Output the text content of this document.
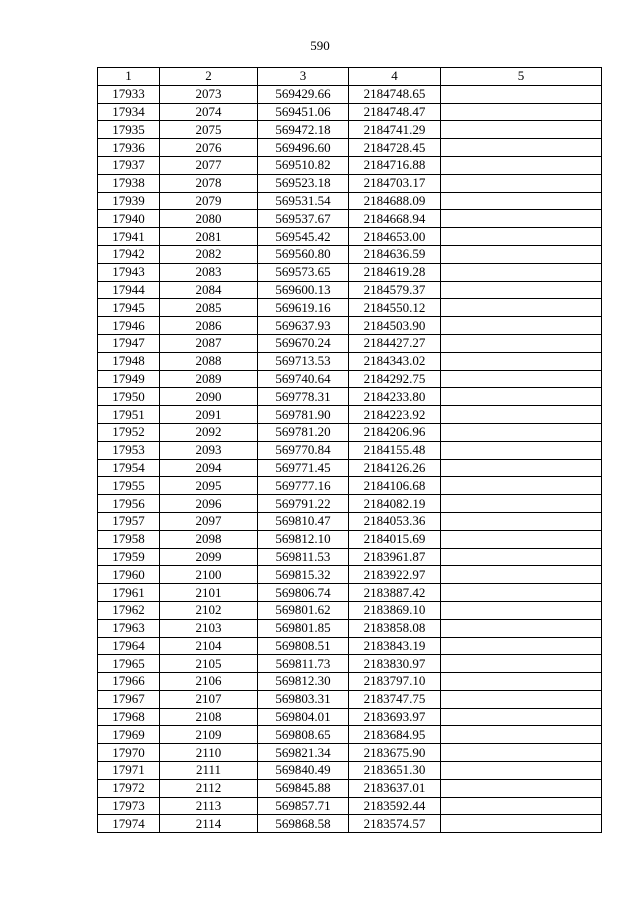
590
1	2	3	4	5
17933	2073	569429.66	2184748.65	
17934	2074	569451.06	2184748.47	
17935	2075	569472.18	2184741.29	
17936	2076	569496.60	2184728.45	
17937	2077	569510.82	2184716.88	
17938	2078	569523.18	2184703.17	
17939	2079	569531.54	2184688.09	
17940	2080	569537.67	2184668.94	
17941	2081	569545.42	2184653.00	
17942	2082	569560.80	2184636.59	
17943	2083	569573.65	2184619.28	
17944	2084	569600.13	2184579.37	
17945	2085	569619.16	2184550.12	
17946	2086	569637.93	2184503.90	
17947	2087	569670.24	2184427.27	
17948	2088	569713.53	2184343.02	
17949	2089	569740.64	2184292.75	
17950	2090	569778.31	2184233.80	
17951	2091	569781.90	2184223.92	
17952	2092	569781.20	2184206.96	
17953	2093	569770.84	2184155.48	
17954	2094	569771.45	2184126.26	
17955	2095	569777.16	2184106.68	
17956	2096	569791.22	2184082.19	
17957	2097	569810.47	2184053.36	
17958	2098	569812.10	2184015.69	
17959	2099	569811.53	2183961.87	
17960	2100	569815.32	2183922.97	
17961	2101	569806.74	2183887.42	
17962	2102	569801.62	2183869.10	
17963	2103	569801.85	2183858.08	
17964	2104	569808.51	2183843.19	
17965	2105	569811.73	2183830.97	
17966	2106	569812.30	2183797.10	
17967	2107	569803.31	2183747.75	
17968	2108	569804.01	2183693.97	
17969	2109	569808.65	2183684.95	
17970	2110	569821.34	2183675.90	
17971	2111	569840.49	2183651.30	
17972	2112	569845.88	2183637.01	
17973	2113	569857.71	2183592.44	
17974	2114	569868.58	2183574.57	
